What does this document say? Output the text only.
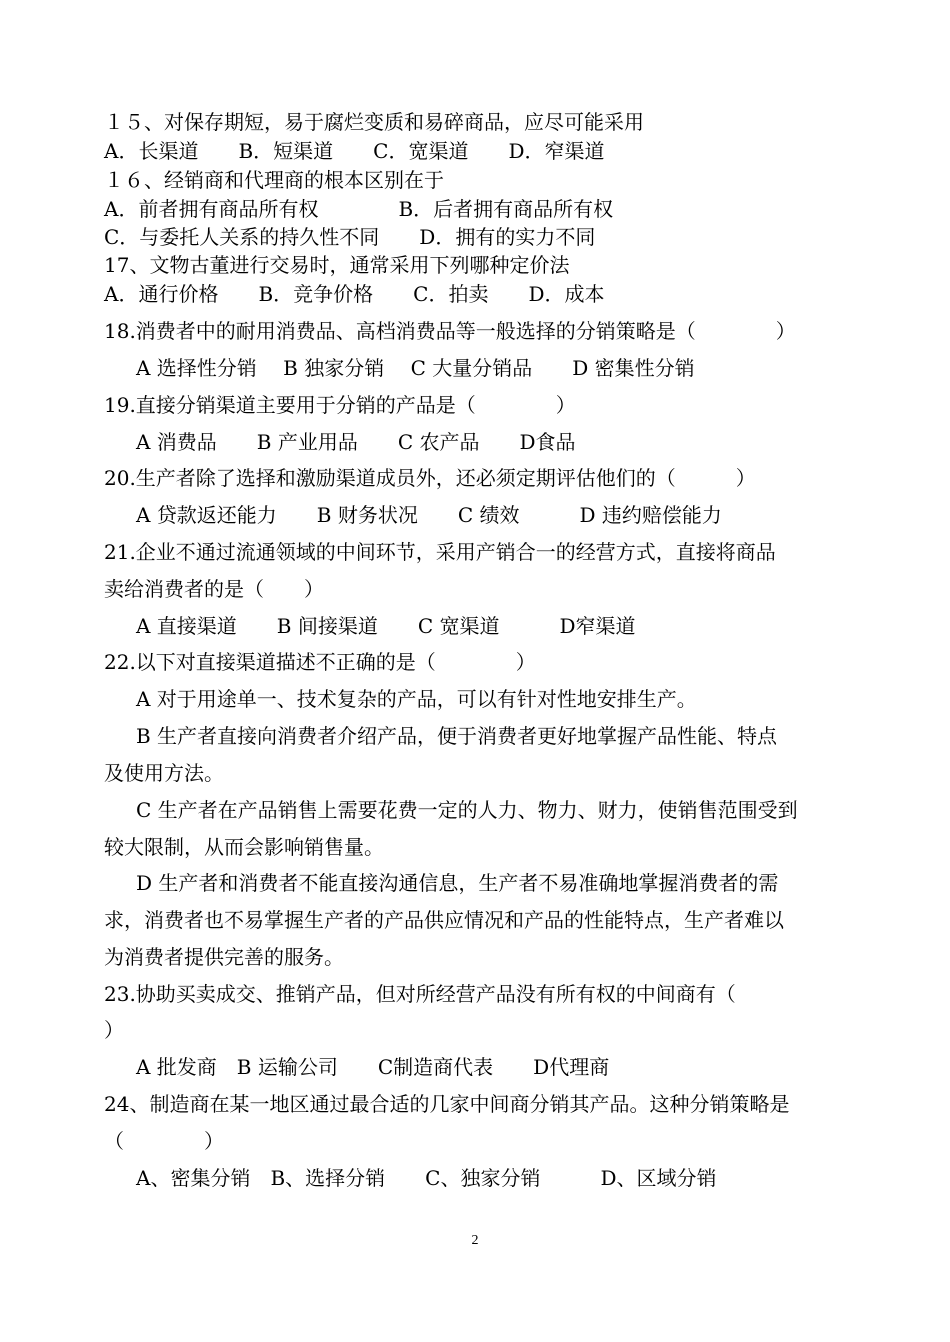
１５、对保存期短，易于腐烂变质和易碎商品，应尽可能采用
A．长渠道　　B．短渠道　　C．宽渠道　　D．窄渠道
１６、经销商和代理商的根本区别在于
A．前者拥有商品所有权　　　　B．后者拥有商品所有权
C．与委托人关系的持久性不同　　D．拥有的实力不同
17、文物古董进行交易时，通常采用下列哪种定价法
A．通行价格　　B．竞争价格　　C．拍卖　　D．成本
18.消费者中的耐用消费品、高档消费品等一般选择的分销策略是（　　　　）
A 选择性分销　 B 独家分销　 C 大量分销品　　D 密集性分销
19.直接分销渠道主要用于分销的产品是（　　　　）
A 消费品　　B 产业用品　　C 农产品　　D食品
20.生产者除了选择和激励渠道成员外，还必须定期评估他们的（　　　）
A 贷款返还能力　　B 财务状况　　C 绩效　　　D 违约赔偿能力
21.企业不通过流通领域的中间环节，采用产销合一的经营方式，直接将商品
卖给消费者的是（　　）
A 直接渠道　　B 间接渠道　　C 宽渠道　　　D窄渠道
22.以下对直接渠道描述不正确的是（　　　　）
A 对于用途单一、技术复杂的产品，可以有针对性地安排生产。
B 生产者直接向消费者介绍产品，便于消费者更好地掌握产品性能、特点
及使用方法。
C 生产者在产品销售上需要花费一定的人力、物力、财力，使销售范围受到
较大限制，从而会影响销售量。
D 生产者和消费者不能直接沟通信息，生产者不易准确地掌握消费者的需
求，消费者也不易掌握生产者的产品供应情况和产品的性能特点，生产者难以
为消费者提供完善的服务。
23.协助买卖成交、推销产品，但对所经营产品没有所有权的中间商有（
）
A 批发商　B 运输公司　　C制造商代表　　D代理商
24、制造商在某一地区通过最合适的几家中间商分销其产品。这种分销策略是
（　　　　）
A、密集分销　B、选择分销　　C、独家分销　　　D、区域分销
2
